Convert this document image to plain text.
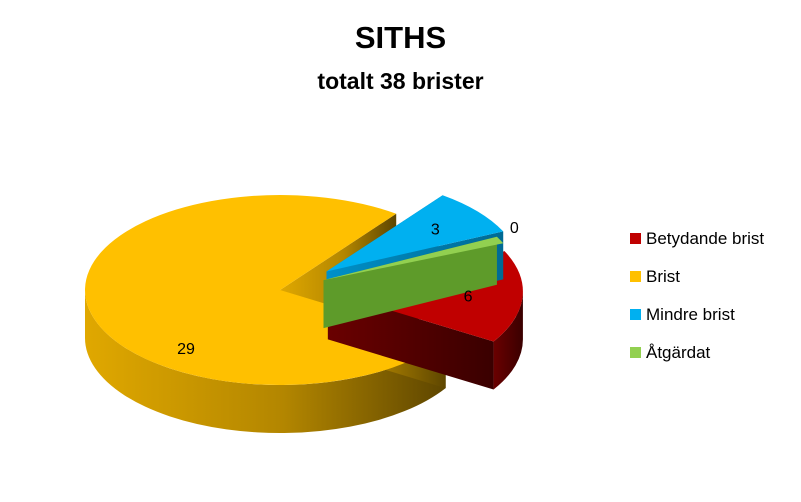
SITHS
totalt 38 brister
6
29
3	0
Betydande brist
Brist
Mindre brist
Åtgärdat
